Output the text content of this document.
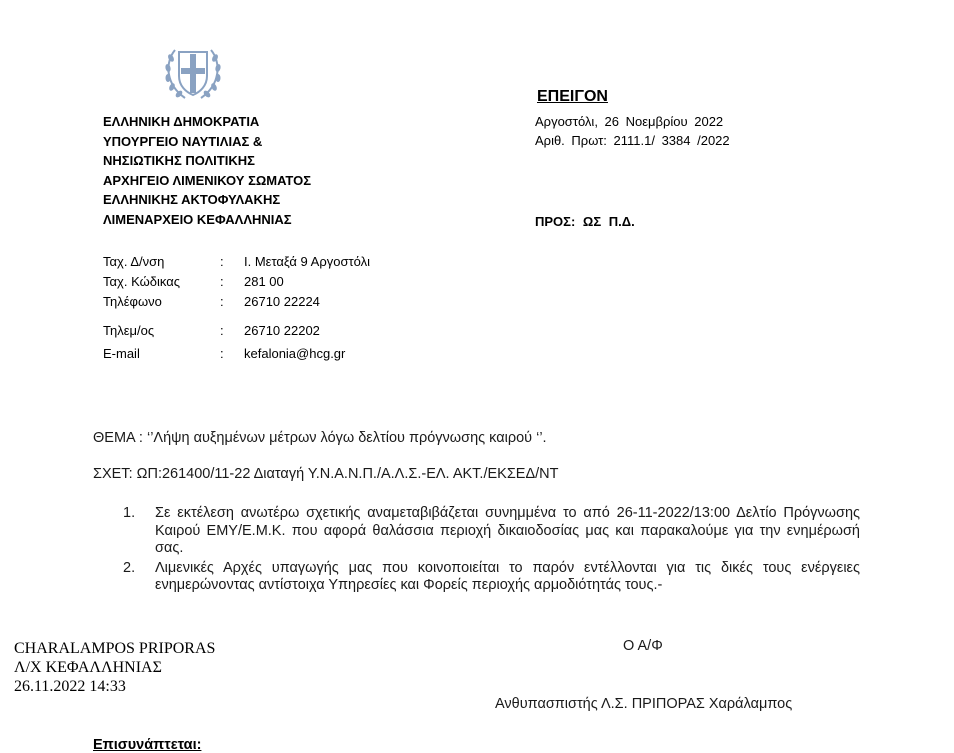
ΕΛΛΗΝΙΚΗ ΔΗΜΟΚΡΑΤΙΑ
ΥΠΟΥΡΓΕΙΟ ΝΑΥΤΙΛΙΑΣ &
ΝΗΣΙΩΤΙΚΗΣ ΠΟΛΙΤΙΚΗΣ
ΑΡΧΗΓΕΙΟ ΛΙΜΕΝΙΚΟΥ ΣΩΜΑΤΟΣ
ΕΛΛΗΝΙΚΗΣ ΑΚΤΟΦΥΛΑΚΗΣ
ΛΙΜΕΝΑΡΧΕΙΟ ΚΕΦΑΛΛΗΝΙΑΣ
ΕΠΕΙΓΟΝ
Αργοστόλι, 26 Νοεμβρίου 2022
Αριθ. Πρωτ: 2111.1/ 3384 /2022
ΠΡΟΣ: ΩΣ Π.Δ.
Ταχ. Δ/νση	: Ι. Μεταξά 9 Αργοστόλι
Ταχ. Κώδικας	: 281 00
Τηλέφωνο	: 26710 22224
Τηλεμ/ος	: 26710 22202
E-mail	: kefalonia@hcg.gr
ΘΕΜΑ : ‘’Λήψη αυξημένων μέτρων λόγω δελτίου πρόγνωσης καιρού ‘’.
ΣΧΕΤ: ΩΠ:261400/11-22 Διαταγή Υ.Ν.Α.Ν.Π./Α.Λ.Σ.-ΕΛ. ΑΚΤ./ΕΚΣΕΔ/ΝΤ
1. Σε εκτέλεση ανωτέρω σχετικής αναμεταβιβάζεται συνημμένα το από 26-11-2022/13:00 Δελτίο Πρόγνωσης Καιρού ΕΜΥ/Ε.Μ.Κ. που αφορά θαλάσσια περιοχή δικαιοδοσίας μας και παρακαλούμε για την ενημέρωσή σας.
2. Λιμενικές Αρχές υπαγωγής μας που κοινοποιείται το παρόν εντέλλονται για τις δικές τους ενέργειες ενημερώνοντας αντίστοιχα Υπηρεσίες και Φορείς περιοχής αρμοδιότητάς τους.-
CHARALAMPOS PRIPORAS
Λ/Χ ΚΕΦΑΛΛΗΝΙΑΣ
26.11.2022 14:33
Ο Α/Φ
Ανθυπασπιστής Λ.Σ. ΠΡΙΠΟΡΑΣ Χαράλαμπος
Επισυνάπτεται:
